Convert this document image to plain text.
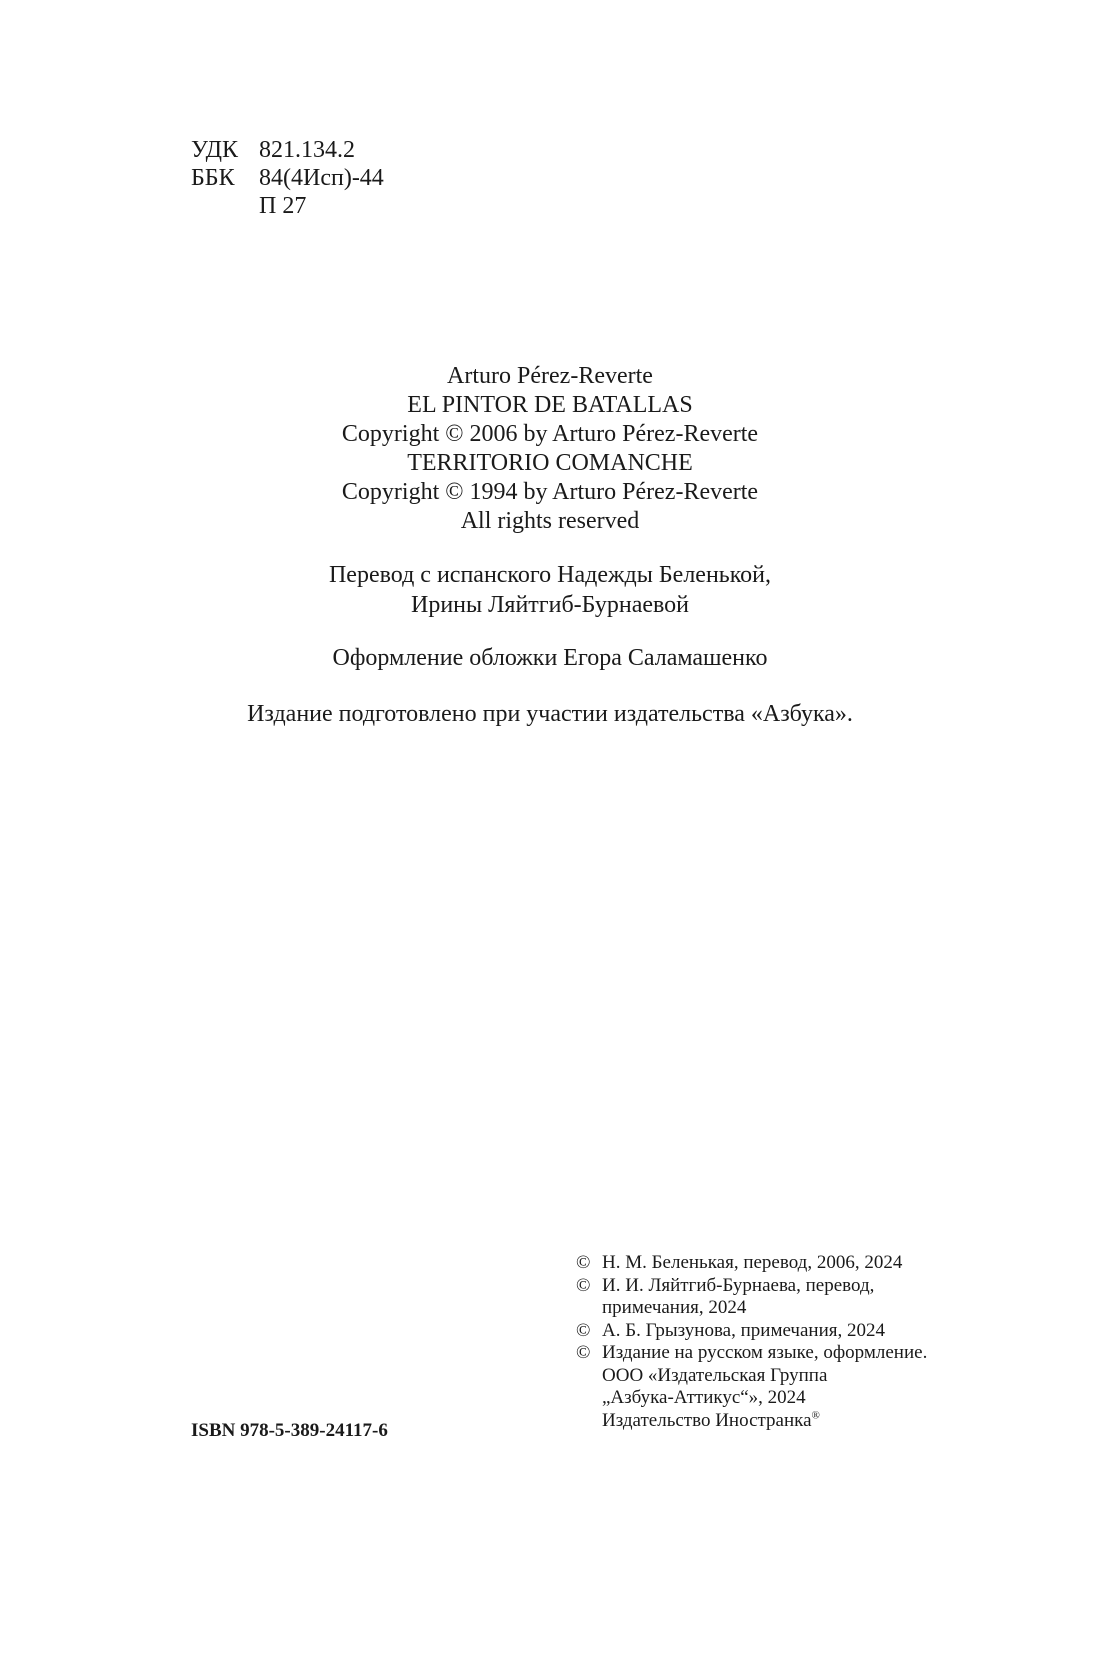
УДК 821.134.2
ББК	84(4Исп)-44
П 27
Arturo Pérez-Reverte
EL PINTOR DE BATALLAS
Copyright © 2006 by Arturo Pérez-Reverte
TERRITORIO COMANCHE
Copyright © 1994 by Arturo Pérez-Reverte
All rights reserved
Перевод с испанского Надежды Беленькой,
Ирины Ляйтгиб-Бурнаевой
Оформление обложки Егора Саламашенко
Издание подготовлено при участии издательства «Азбука».
© Н. М. Беленькая, перевод, 2006, 2024
© И. И. Ляйтгиб-Бурнаева, перевод,
примечания, 2024
© А. Б. Грызунова, примечания, 2024
© Издание на русском языке, оформление.
ООО «Издательская Группа
„Азбука-Аттикус“», 2024
Издательство Иностранка®
ISBN 978-5-389-24117-6
